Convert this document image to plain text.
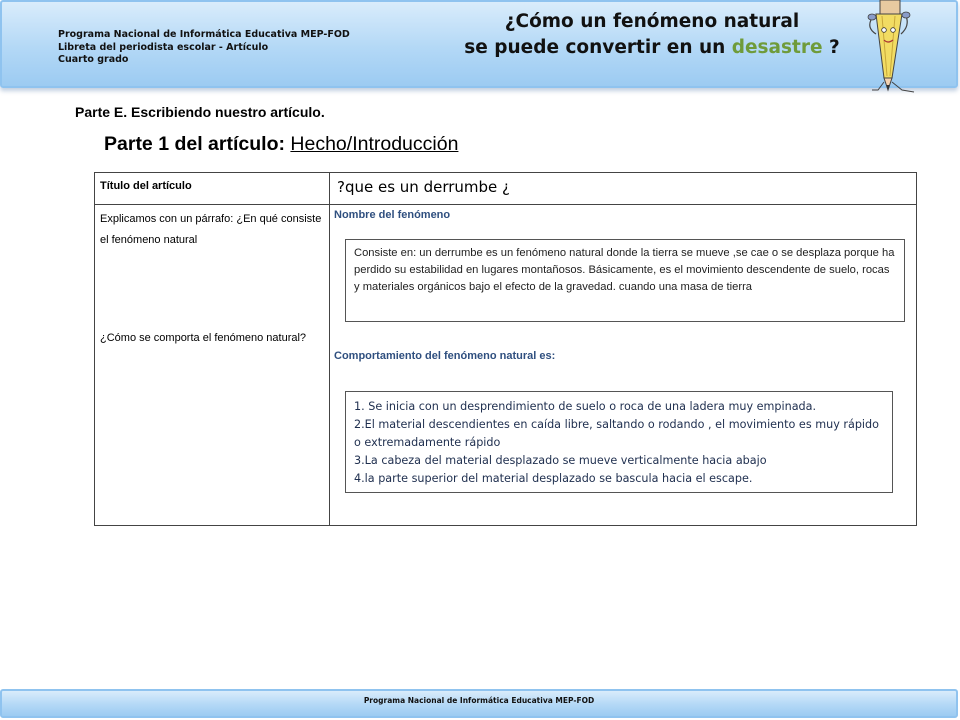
Programa Nacional de Informática Educativa MEP-FOD
Libreta del periodista escolar - Artículo
Cuarto grado
¿Cómo un fenómeno natural
se puede convertir en un desastre ?
Parte E. Escribiendo nuestro artículo.
Parte 1 del artículo: Hecho/Introducción
Título del artículo	?que es un derrumbe ¿
Explicamos con un párrafo: ¿En qué consiste el fenómeno natural
¿Cómo se comporta el fenómeno natural?
Nombre del fenómeno
Consiste en: un derrumbe es un fenómeno natural donde la tierra se mueve ,se cae o se desplaza porque ha perdido su estabilidad en lugares montañosos. Básicamente, es el movimiento descendente de suelo, rocas y materiales orgánicos bajo el efecto de la gravedad. cuando una masa de tierra
Comportamiento del fenómeno natural es:
1. Se inicia con un desprendimiento de suelo o roca de una ladera muy empinada.
2.El material descendientes en caída libre, saltando o rodando , el movimiento es muy rápido o extremadamente rápido
3.La cabeza del material desplazado se mueve verticalmente hacia abajo
4.la parte superior del material desplazado se bascula hacia el escape.
Programa Nacional de Informática Educativa MEP-FOD
